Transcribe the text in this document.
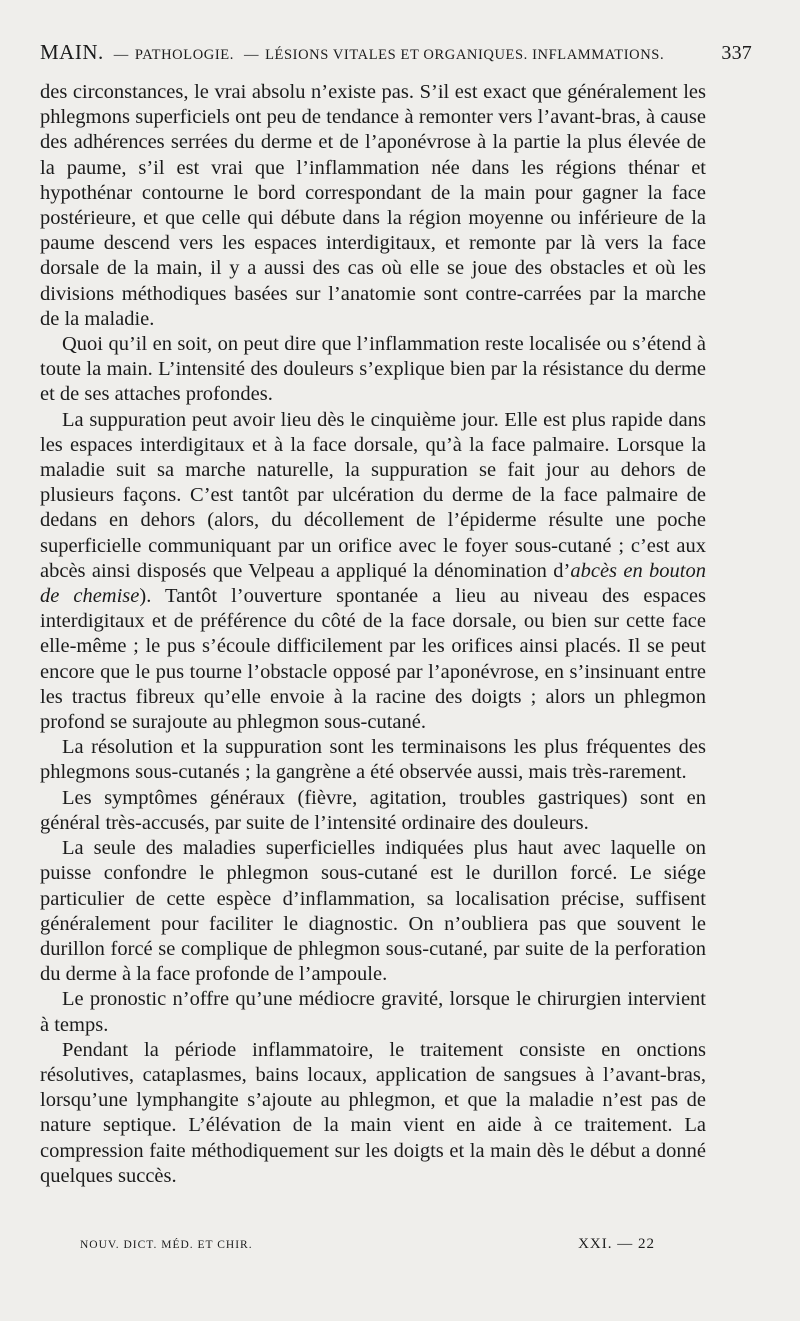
MAIN. — PATHOLOGIE. — LÉSIONS VITALES ET ORGANIQUES. INFLAMMATIONS.	337

des circonstances, le vrai absolu n’existe pas. S’il est exact que généralement les phlegmons superficiels ont peu de tendance à remonter vers l’avant-bras, à cause des adhérences serrées du derme et de l’aponévrose à la partie la plus élevée de la paume, s’il est vrai que l’inflammation née dans les régions thénar et hypothénar contourne le bord correspondant de la main pour gagner la face postérieure, et que celle qui débute dans la région moyenne ou inférieure de la paume descend vers les espaces interdigitaux, et remonte par là vers la face dorsale de la main, il y a aussi des cas où elle se joue des obstacles et où les divisions méthodiques basées sur l’anatomie sont contre-carrées par la marche de la maladie.

Quoi qu’il en soit, on peut dire que l’inflammation reste localisée ou s’étend à toute la main. L’intensité des douleurs s’explique bien par la résistance du derme et de ses attaches profondes.

La suppuration peut avoir lieu dès le cinquième jour. Elle est plus rapide dans les espaces interdigitaux et à la face dorsale, qu’à la face palmaire. Lorsque la maladie suit sa marche naturelle, la suppuration se fait jour au dehors de plusieurs façons. C’est tantôt par ulcération du derme de la face palmaire de dedans en dehors (alors, du décollement de l’épiderme résulte une poche superficielle communiquant par un orifice avec le foyer sous-cutané ; c’est aux abcès ainsi disposés que Velpeau a appliqué la dénomination d’abcès en bouton de chemise). Tantôt l’ouverture spontanée a lieu au niveau des espaces interdigitaux et de préférence du côté de la face dorsale, ou bien sur cette face elle-même ; le pus s’écoule difficilement par les orifices ainsi placés. Il se peut encore que le pus tourne l’obstacle opposé par l’aponévrose, en s’insinuant entre les tractus fibreux qu’elle envoie à la racine des doigts ; alors un phlegmon profond se surajoute au phlegmon sous-cutané.

La résolution et la suppuration sont les terminaisons les plus fréquentes des phlegmons sous-cutanés ; la gangrène a été observée aussi, mais très-rarement.

Les symptômes généraux (fièvre, agitation, troubles gastriques) sont en général très-accusés, par suite de l’intensité ordinaire des douleurs.

La seule des maladies superficielles indiquées plus haut avec laquelle on puisse confondre le phlegmon sous-cutané est le durillon forcé. Le siége particulier de cette espèce d’inflammation, sa localisation précise, suffisent généralement pour faciliter le diagnostic. On n’oubliera pas que souvent le durillon forcé se complique de phlegmon sous-cutané, par suite de la perforation du derme à la face profonde de l’ampoule.

Le pronostic n’offre qu’une médiocre gravité, lorsque le chirurgien intervient à temps.

Pendant la période inflammatoire, le traitement consiste en onctions résolutives, cataplasmes, bains locaux, application de sangsues à l’avant-bras, lorsqu’une lymphangite s’ajoute au phlegmon, et que la maladie n’est pas de nature septique. L’élévation de la main vient en aide à ce traitement. La compression faite méthodiquement sur les doigts et la main dès le début a donné quelques succès.

NOUV. DICT. MÉD. ET CHIR.	XXI. — 22
